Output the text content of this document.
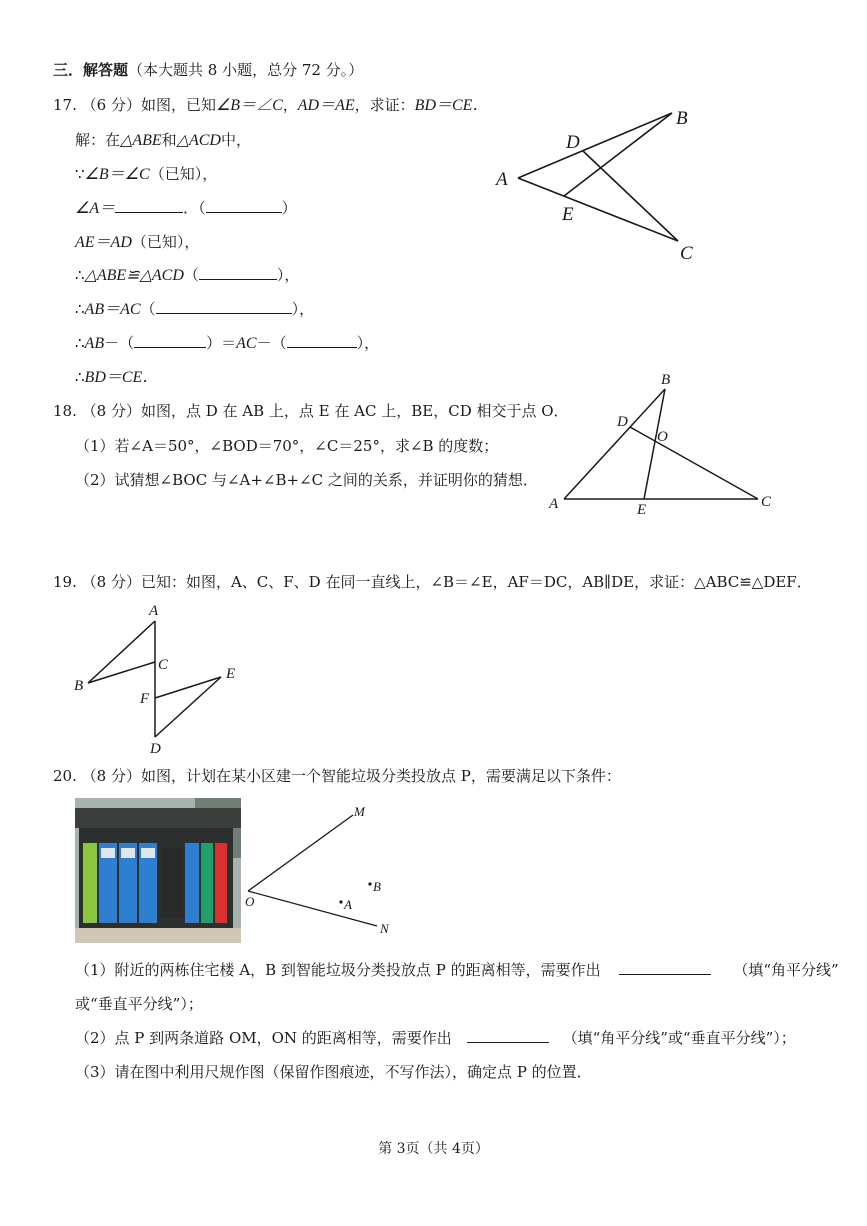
三．解答题（本大题共 8 小题，总分 72 分。）
17. （6 分）如图，已知∠B＝∠C，AD＝AE，求证：BD＝CE．
解：在△ABE和△ACD中，
∵∠B＝∠C（已知），
∠A＝	．（	）
AE＝AD（已知），
∴△ABE≌△ACD（	），
∴AB＝AC（	），
∴AB－（	）＝AC－（	），
∴BD＝CE．
A
B
C
D
E
18. （8 分）如图，点 D 在 AB 上，点 E 在 AC 上，BE，CD 相交于点 O．
（1）若∠A＝50°，∠BOD＝70°，∠C＝25°，求∠B 的度数；
（2）试猜想∠BOC 与∠A+∠B+∠C 之间的关系，并证明你的猜想．
A
B
C
D
E
O
19. （8 分）已知：如图，A、C、F、D 在同一直线上，∠B＝∠E，AF＝DC，AB∥DE，求证：△ABC≌△DEF．
A
B
C
D
E
F
20. （8 分）如图，计划在某小区建一个智能垃圾分类投放点 P，需要满足以下条件：
M
N
O
B
A
（1）附近的两栋住宅楼 A，B 到智能垃圾分类投放点 P 的距离相等，需要作出	（填“角平分线”
或“垂直平分线”）；
（2）点 P 到两条道路 OM，ON 的距离相等，需要作出	（填“角平分线”或“垂直平分线”）；
（3）请在图中利用尺规作图（保留作图痕迹，不写作法），确定点 P 的位置．
第 3页（共 4页）
